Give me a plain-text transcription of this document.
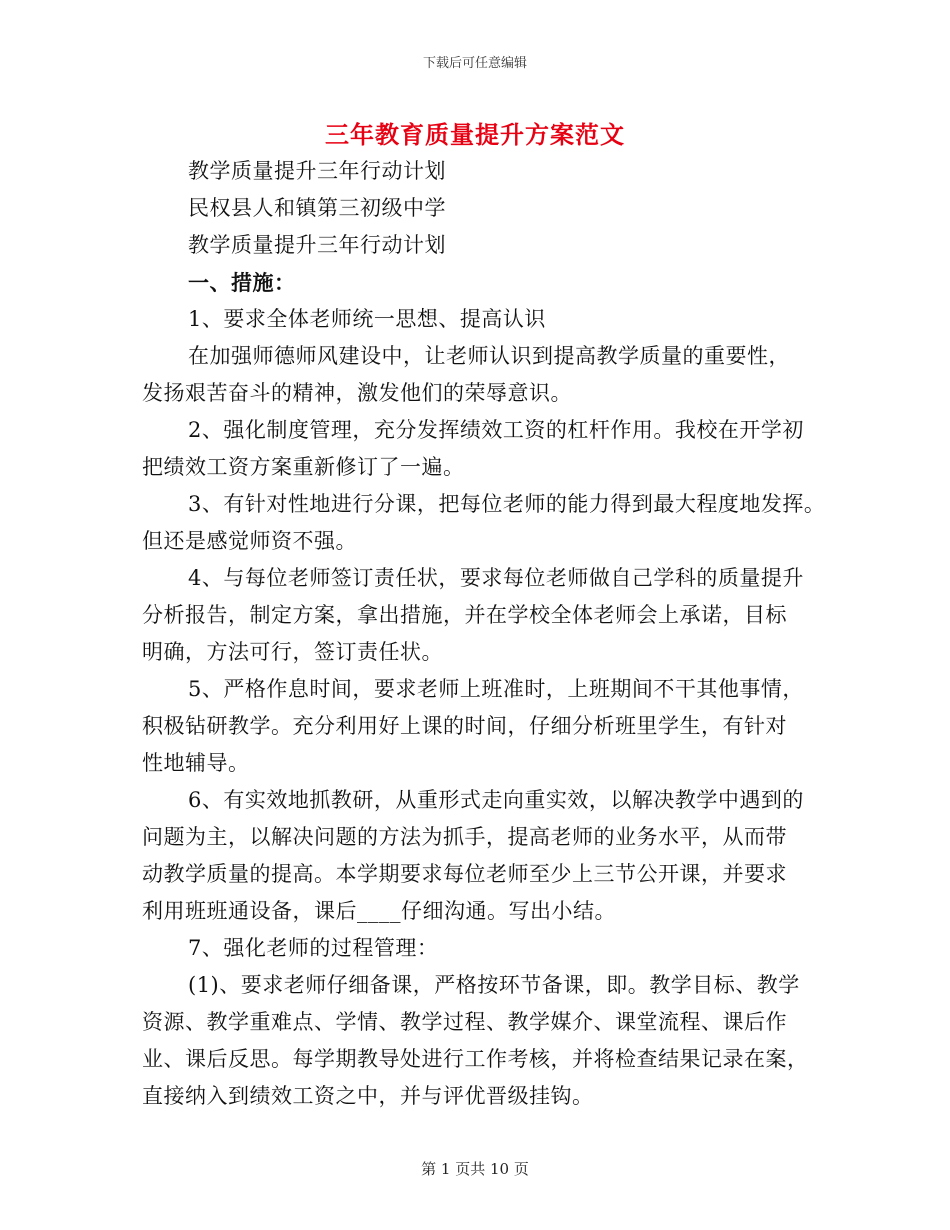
下载后可任意编辑
三年教育质量提升方案范文
教学质量提升三年行动计划
民权县人和镇第三初级中学
教学质量提升三年行动计划
一、措施：
1、要求全体老师统一思想、提高认识
在加强师德师风建设中，让老师认识到提高教学质量的重要性，
发扬艰苦奋斗的精神，激发他们的荣辱意识。
2、强化制度管理，充分发挥绩效工资的杠杆作用。我校在开学初
把绩效工资方案重新修订了一遍。
3、有针对性地进行分课，把每位老师的能力得到最大程度地发挥。
但还是感觉师资不强。
4、与每位老师签订责任状，要求每位老师做自己学科的质量提升
分析报告，制定方案，拿出措施，并在学校全体老师会上承诺，目标
明确，方法可行，签订责任状。
5、严格作息时间，要求老师上班准时，上班期间不干其他事情，
积极钻研教学。充分利用好上课的时间，仔细分析班里学生，有针对
性地辅导。
6、有实效地抓教研，从重形式走向重实效，以解决教学中遇到的
问题为主，以解决问题的方法为抓手，提高老师的业务水平，从而带
动教学质量的提高。本学期要求每位老师至少上三节公开课，并要求
利用班班通设备，课后____仔细沟通。写出小结。
7、强化老师的过程管理：
(1)、要求老师仔细备课，严格按环节备课，即。教学目标、教学
资源、教学重难点、学情、教学过程、教学媒介、课堂流程、课后作
业、课后反思。每学期教导处进行工作考核，并将检查结果记录在案，
直接纳入到绩效工资之中，并与评优晋级挂钩。
第 1 页共 10 页
